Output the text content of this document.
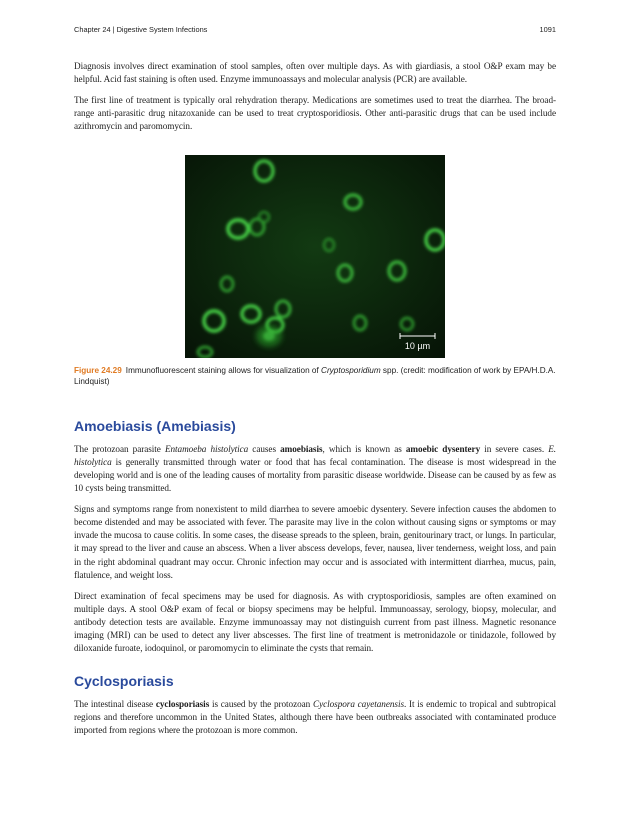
Chapter 24 | Digestive System Infections	1091

Diagnosis involves direct examination of stool samples, often over multiple days. As with giardiasis, a stool O&P exam may be helpful. Acid fast staining is often used. Enzyme immunoassays and molecular analysis (PCR) are available.

The first line of treatment is typically oral rehydration therapy. Medications are sometimes used to treat the diarrhea. The broad-range anti-parasitic drug nitazoxanide can be used to treat cryptosporidiosis. Other anti-parasitic drugs that can be used include azithromycin and paromomycin.

10 µm
Figure 24.29 Immunofluorescent staining allows for visualization of Cryptosporidium spp. (credit: modification of work by EPA/H.D.A. Lindquist)
Amoebiasis (Amebiasis)

The protozoan parasite Entamoeba histolytica causes amoebiasis, which is known as amoebic dysentery in severe cases. E. histolytica is generally transmitted through water or food that has fecal contamination. The disease is most widespread in the developing world and is one of the leading causes of mortality from parasitic disease worldwide. Disease can be caused by as few as 10 cysts being transmitted.

Signs and symptoms range from nonexistent to mild diarrhea to severe amoebic dysentery. Severe infection causes the abdomen to become distended and may be associated with fever. The parasite may live in the colon without causing signs or symptoms or may invade the mucosa to cause colitis. In some cases, the disease spreads to the spleen, brain, genitourinary tract, or lungs. In particular, it may spread to the liver and cause an abscess. When a liver abscess develops, fever, nausea, liver tenderness, weight loss, and pain in the right abdominal quadrant may occur. Chronic infection may occur and is associated with intermittent diarrhea, mucus, pain, flatulence, and weight loss.

Direct examination of fecal specimens may be used for diagnosis. As with cryptosporidiosis, samples are often examined on multiple days. A stool O&P exam of fecal or biopsy specimens may be helpful. Immunoassay, serology, biopsy, molecular, and antibody detection tests are available. Enzyme immunoassay may not distinguish current from past illness. Magnetic resonance imaging (MRI) can be used to detect any liver abscesses. The first line of treatment is metronidazole or tinidazole, followed by diloxanide furoate, iodoquinol, or paromomycin to eliminate the cysts that remain.

Cyclosporiasis

The intestinal disease cyclosporiasis is caused by the protozoan Cyclospora cayetanensis. It is endemic to tropical and subtropical regions and therefore uncommon in the United States, although there have been outbreaks associated with contaminated produce imported from regions where the protozoan is more common.
